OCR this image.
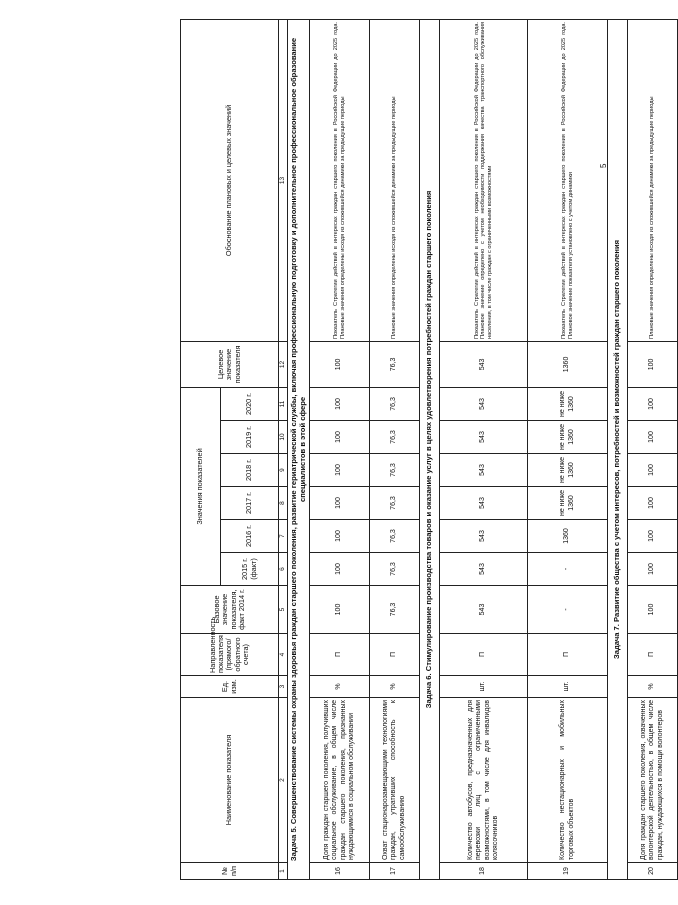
5
№
п/п	Наименование показателя	Ед. изм.	Направленность показателя (прямого/обратного счета)	Базовое значение показателя, факт 2014 г.	Значения показателей						Целевое значение показателя	Обоснование плановых и целевых значений
					2015 г. (факт)	2016 г.	2017 г.	2018 г.	2019 г.	2020 г.		
1	2	3	4	5	6	7	8	9	10	11	12	13
Задача 5. Совершенствование системы охраны здоровья граждан старшего поколения, развитие гериатрической службы, включая профессиональную подготовку и дополнительное профессиональное образование специалистов в этой сфере												
16	Доля граждан старшего поколения, получивших социальное обслуживание, в общем числе граждан старшего поколения, признанных нуждающимися в социальном обслуживании	%	П	100	100	100	100	100	100	100	100	Показатель Стратегии действий в интересах граждан старшего поколения в Российской Федерации до 2025 года. Плановые значения определены исходя из сложившейся динамики за предыдущие периоды
17	Охват стационарозамещающими технологиями граждан, утративших способность к самообслуживанию	%	П	76,3	76,3	76,3	76,3	76,3	76,3	76,3	76,3	Плановые значения определены исходя из сложившейся динамики за предыдущие периоды
Задача 6. Стимулирование производства товаров и оказание услуг в целях удовлетворения потребностей граждан старшего поколения												
18	Количество автобусов, предназначенных для перевозки лиц с ограниченными возможностями, в том числе для инвалидов колясочников	шт.	П	543	543	543	543	543	543	543	543	Показатель Стратегии действий в интересах граждан старшего поколения в Российской Федерации до 2025 года. Плановое значение определено с учетом необходимости поддержания качества транспортного обслуживания населения, в том числе граждан с ограниченными возможностями
19	Количество нестационарных и мобильных торговых объектов	шт.	П	-	-	1360	не ниже 1360	не ниже 1360	не ниже 1360	не ниже 1360	1360	Показатель Стратегии действий в интересах граждан старшего поколения в Российской Федерации до 2025 года. Плановое значение показателя установлено с учетом динамики
Задача 7. Развитие общества с учетом интересов, потребностей и возможностей граждан старшего поколения												
20	Доля граждан старшего поколения, охваченных волонтерской деятельностью, в общем числе граждан, нуждающихся в помощи волонтеров	%	П	100	100	100	100	100	100	100	100	Плановые значения определены исходя из сложившейся динамики за предыдущие периоды
